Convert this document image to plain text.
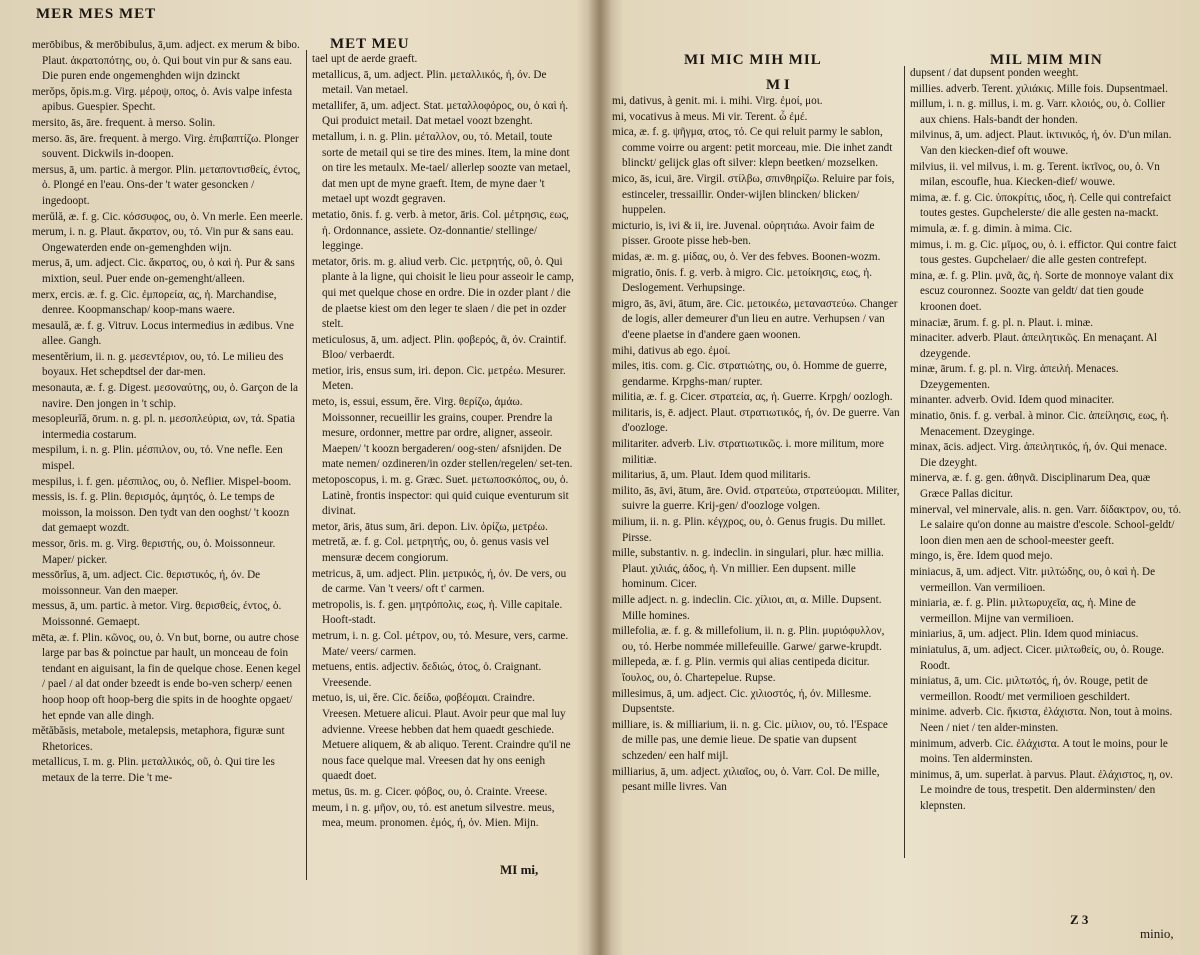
MER MES MET
MET MEU

merōbibus, & merōbibulus, ā,um. adject. ex merum & bibo. Plaut. ἀκρατοπότης, ου, ὁ. Qui bout vin pur & sans eau. Die puren ende ongemenghden wijn dzinckt

merŏps, ŏpis.m.g. Virg. μέροψ, οπος, ὁ. Avis valpe infesta apibus. Guespier. Specht.

mersito, ās, āre. frequent. à merso. Solin.

merso. ās, āre. frequent. à mergo. Virg. ἐπιβαπτίζω. Plonger souvent. Dickwils in-doopen.

mersus, ā, um. partic. à mergor. Plin. μεταποντισθείς, έντος, ὁ. Plongé en l'eau. Ons-der 't water gesoncken / ingedoopt.

merŭlă, æ. f. g. Cic. κόσσυφος, ου, ὁ. Vn merle. Een meerle.

merum, i. n. g. Plaut. ἄκρατον, ου, τό. Vin pur & sans eau. Ongewaterden ende on-gemenghden wijn.

merus, ā, um. adject. Cic. ἄκρατος, ου, ὁ καὶ ἡ. Pur & sans mixtion, seul. Puer ende on-gemenght/alleen.

merx, ercis. æ. f. g. Cic. ἐμπορεία, ας, ἡ. Marchandise, denree. Koopmanschap/ koop-mans waere.

mesaulă, æ. f. g. Vitruv. Locus intermedius in ædibus. Vne allee. Gangh.

mesentĕrium, ii. n. g. μεσεντέριον, ου, τό. Le milieu des boyaux. Het schepdtsel der dar-men.

mesonauta, æ. f. g. Digest. μεσοναύτης, ου, ὁ. Garçon de la navire. Den jongen in 't schip.

mesopleurĭă, ōrum. n. g. pl. n. μεσοπλεύρια, ων, τά. Spatia intermedia costarum.

mespilum, i. n. g. Plin. μέσπιλον, ου, τό. Vne nefle. Een mispel.

mespilus, i. f. gen. μέσπιλος, ου, ὁ. Neflier. Mispel-boom.

messis, is. f. g. Plin. θερισμός, ἀμητός, ὁ. Le temps de moisson, la moisson. Den tydt van den ooghst/ 't koozn dat gemaept wozdt.

messor, ōris. m. g. Virg. θεριστής, ου, ὁ. Moissonneur. Maper/ picker.

messōrĭus, ā, um. adject. Cic. θεριστικός, ή, όν. De moissonneur. Van den maeper.

messus, ā, um. partic. à metor. Virg. θερισθείς, έντος, ὁ. Moissonné. Gemaept.

mēta, æ. f. Plin. κῶνος, ου, ὁ. Vn but, borne, ou autre chose large par bas & poinctue par hault, un monceau de foin tendant en aiguisant, la fin de quelque chose. Eenen kegel / pael / al dat onder bzeedt is ende bo-ven scherp/ eenen hoop hoop oft hoop-berg die spits in de hooghte opgaet/ het epnde van alle dingh.

mĕtăbăsis, metabole, metalepsis, metaphora, figuræ sunt Rhetorices.

metallicus, ī. m. g. Plin. μεταλλικός, οῦ, ὁ. Qui tire les metaux de la terre. Die 't me-

tael upt de aerde graeft.

metallicus, ā, um. adject. Plin. μεταλλικός, ή, όν. De metail. Van metael.

metallifer, ā, um. adject. Stat. μεταλλοφόρος, ου, ὁ καὶ ἡ. Qui produict metail. Dat metael voozt bzenght.

metallum, i. n. g. Plin. μέταλλον, ου, τό. Metail, toute sorte de metail qui se tire des mines. Item, la mine dont on tire les metaulx. Me-tael/ allerlep soozte van metael, dat men upt de myne graeft. Item, de myne daer 't metael upt wozdt gegraven.

metatio, ōnis. f. g. verb. à metor, āris. Col. μέτρησις, εως, ἡ. Ordonnance, assiete. Oz-donnantie/ stellinge/ legginge.

metator, ōris. m. g. aliud verb. Cic. μετρητής, οῦ, ὁ. Qui plante à la ligne, qui choisit le lieu pour asseoir le camp, qui met quelque chose en ordre. Die in ozder plant / die de plaetse kiest om den leger te slaen / die pet in ozder stelt.

meticulosus, ā, um. adject. Plin. φοβερός, ᾶ, όν. Craintif. Bloo/ verbaerdt.

metior, iris, ensus sum, iri. depon. Cic. μετρέω. Mesurer. Meten.

meto, is, essui, essum, ĕre. Virg. θερίζω, ἀμάω. Moissonner, recueillir les grains, couper. Prendre la mesure, ordonner, mettre par ordre, aligner, asseoir. Maepen/ 't koozn bergaderen/ oog-sten/ afsnijden. De mate nemen/ ozdineren/in ozder stellen/regelen/ set-ten.

metoposcopus, i. m. g. Græc. Suet. μετωποσκόπος, ου, ὁ. Latinè, frontis inspector: qui quid cuique eventurum sit divinat.

metor, āris, ātus sum, āri. depon. Liv. ὁρίζω, μετρέω.

metretă, æ. f. g. Col. μετρητής, ου, ὁ. genus vasis vel mensuræ decem congiorum.

metricus, ā, um. adject. Plin. μετρικός, ή, όν. De vers, ou de carme. Van 't veers/ oft t' carmen.

metropolis, is. f. gen. μητρόπολις, εως, ἡ. Ville capitale. Hooft-stadt.

metrum, i. n. g. Col. μέτρον, ου, τό. Mesure, vers, carme. Mate/ veers/ carmen.

metuens, entis. adjectiv. δεδιώς, ότος, ὁ. Craignant. Vreesende.

metuo, is, ui, ĕre. Cic. δείδω, φοβέομαι. Craindre. Vreesen. Metuere alicui. Plaut. Avoir peur que mal luy advienne. Vreese hebben dat hem quaedt geschiede. Metuere aliquem, & ab aliquo. Terent. Craindre qu'il ne nous face quelque mal. Vreesen dat hy ons eenigh quaedt doet.

metus, ūs. m. g. Cicer. φόβος, ου, ὁ. Crainte. Vreese.

meum, i n. g. μῆον, ου, τό. est anetum silvestre. meus, mea, meum. pronomen. ἐμός, ή, όν. Mien. Mijn.

MI mi,
MI MIC MIH MIL	MIL MIM MIN
M I

mi, dativus, à genit. mi. i. mihi. Virg. ἐμοί, μοι.

mi, vocativus à meus. Mi vir. Terent. ὦ ἐμέ.

mica, æ. f. g. ψῆγμα, ατος, τό. Ce qui reluit parmy le sablon, comme voirre ou argent: petit morceau, mie. Die inhet zandt blinckt/ gelijck glas oft silver: klepn beetken/ mozselken.

mico, ās, icui, āre. Virgil. στίλβω, σπινθηρίζω. Reluire par fois, estinceler, tressaillir. Onder-wijlen blincken/ blicken/ huppelen.

micturio, is, ivi & ii, ire. Juvenal. οὐρητιάω. Avoir faim de pisser. Groote pisse heb-ben.

midas, æ. m. g. μίδας, ου, ὁ. Ver des febves. Boonen-wozm.

migratio, ōnis. f. g. verb. à migro. Cic. μετοίκησις, εως, ἡ. Deslogement. Verhupsinge.

migro, ās, āvi, ātum, āre. Cic. μετοικέω, μεταναστεύω. Changer de logis, aller demeurer d'un lieu en autre. Verhupsen / van d'eene plaetse in d'andere gaen woonen.

mihi, dativus ab ego. ἐμοί.

miles, itis. com. g. Cic. στρατιώτης, ου, ὁ. Homme de guerre, gendarme. Krpghs-man/ rupter.

militia, æ. f. g. Cicer. στρατεία, ας, ἡ. Guerre. Krpgh/ oozlogh.

militaris, is, ē. adject. Plaut. στρατιωτικός, ή, όν. De guerre. Van d'oozloge.

militariter. adverb. Liv. στρατιωτικῶς. i. more militum, more militiæ.

militarius, ā, um. Plaut. Idem quod militaris.

milito, ās, āvi, ātum, āre. Ovid. στρατεύω, στρατεύομαι. Militer, suivre la guerre. Krij-gen/ d'oozloge volgen.

milium, ii. n. g. Plin. κέγχρος, ου, ὁ. Genus frugis. Du millet. Pirsse.

mille, substantiv. n. g. indeclin. in singulari, plur. hæc millia. Plaut. χιλιάς, άδος, ἡ. Vn millier. Een dupsent. mille hominum. Cicer.

mille adject. n. g. indeclin. Cic. χίλιοι, αι, α. Mille. Dupsent. Mille homines.

millefolia, æ. f. g. & millefolium, ii. n. g. Plin. μυριόφυλλον, ου, τό. Herbe nommée millefeuille. Garwe/ garwe-krupdt.

millepeda, æ. f. g. Plin. vermis qui alias centipeda dicitur. ἴουλος, ου, ὁ. Chartepelue. Rupse.

millesimus, ā, um. adject. Cic. χιλιοστός, ή, όν. Millesme. Dupsentste.

milliare, is. & milliarium, ii. n. g. Cic. μίλιον, ου, τό. l'Espace de mille pas, une demie lieue. De spatie van dupsent schzeden/ een half mijl.

milliarius, ā, um. adject. χιλιαῖος, ου, ὁ. Varr. Col. De mille, pesant mille livres. Van

dupsent / dat dupsent ponden weeght.

millies. adverb. Terent. χιλιάκις. Mille fois. Dupsentmael.

millum, i. n. g. millus, i. m. g. Varr. κλοιός, ου, ὁ. Collier aux chiens. Hals-bandt der honden.

milvinus, ā, um. adject. Plaut. ἰκτινικός, ή, όν. D'un milan. Van den kiecken-dief oft wouwe.

milvius, ii. vel milvus, i. m. g. Terent. ἰκτῖνος, ου, ὁ. Vn milan, escoufle, hua. Kiecken-dief/ wouwe.

mima, æ. f. g. Cic. ὑποκρίτις, ιδος, ἡ. Celle qui contrefaict toutes gestes. Gupchelerste/ die alle gesten na-mackt.

mimula, æ. f. g. dimin. à mima. Cic.

mimus, i. m. g. Cic. μῖμος, ου, ὁ. i. effictor. Qui contre faict tous gestes. Gupchelaer/ die alle gesten contrefept.

mina, æ. f. g. Plin. μνᾶ, ᾶς, ἡ. Sorte de monnoye valant dix escuz couronnez. Soozte van geldt/ dat tien goude kroonen doet.

minaciæ, ārum. f. g. pl. n. Plaut. i. minæ.

minaciter. adverb. Plaut. ἀπειλητικῶς. En menaçant. Al dzeygende.

minæ, ārum. f. g. pl. n. Virg. ἀπειλή. Menaces. Dzeygementen.

minanter. adverb. Ovid. Idem quod minaciter.

minatio, ōnis. f. g. verbal. à minor. Cic. ἀπείλησις, εως, ἡ. Menacement. Dzeyginge.

minax, ācis. adject. Virg. ἀπειλητικός, ή, όν. Qui menace. Die dzeyght.

minerva, æ. f. g. gen. ἀθηνᾶ. Disciplinarum Dea, quæ Græce Pallas dicitur.

minerval, vel minervale, alis. n. gen. Varr. δίδακτρον, ου, τό. Le salaire qu'on donne au maistre d'escole. School-geldt/ loon dien men aen de school-meester geeft.

mingo, is, ĕre. Idem quod mejo.

miniacus, ā, um. adject. Vitr. μιλτώδης, ου, ὁ καὶ ἡ. De vermeillon. Van vermilioen.

miniaria, æ. f. g. Plin. μιλτωρυχεῖα, ας, ἡ. Mine de vermeillon. Mijne van vermilioen.

miniarius, ā, um. adject. Plin. Idem quod miniacus.

miniatulus, ā, um. adject. Cicer. μιλτωθείς, ου, ὁ. Rouge. Roodt.

miniatus, ā, um. Cic. μιλτωτός, ή, όν. Rouge, petit de vermeillon. Roodt/ met vermilioen geschildert.

minime. adverb. Cic. ἥκιστα, ἐλάχιστα. Non, tout à moins. Neen / niet / ten alder-minsten.

minimum, adverb. Cic. ἐλάχιστα. A tout le moins, pour le moins. Ten alderminsten.

minimus, ā, um. superlat. à parvus. Plaut. ἐλάχιστος, η, ον. Le moindre de tous, trespetit. Den alderminsten/ den klepnsten.

Z 3
minio,
